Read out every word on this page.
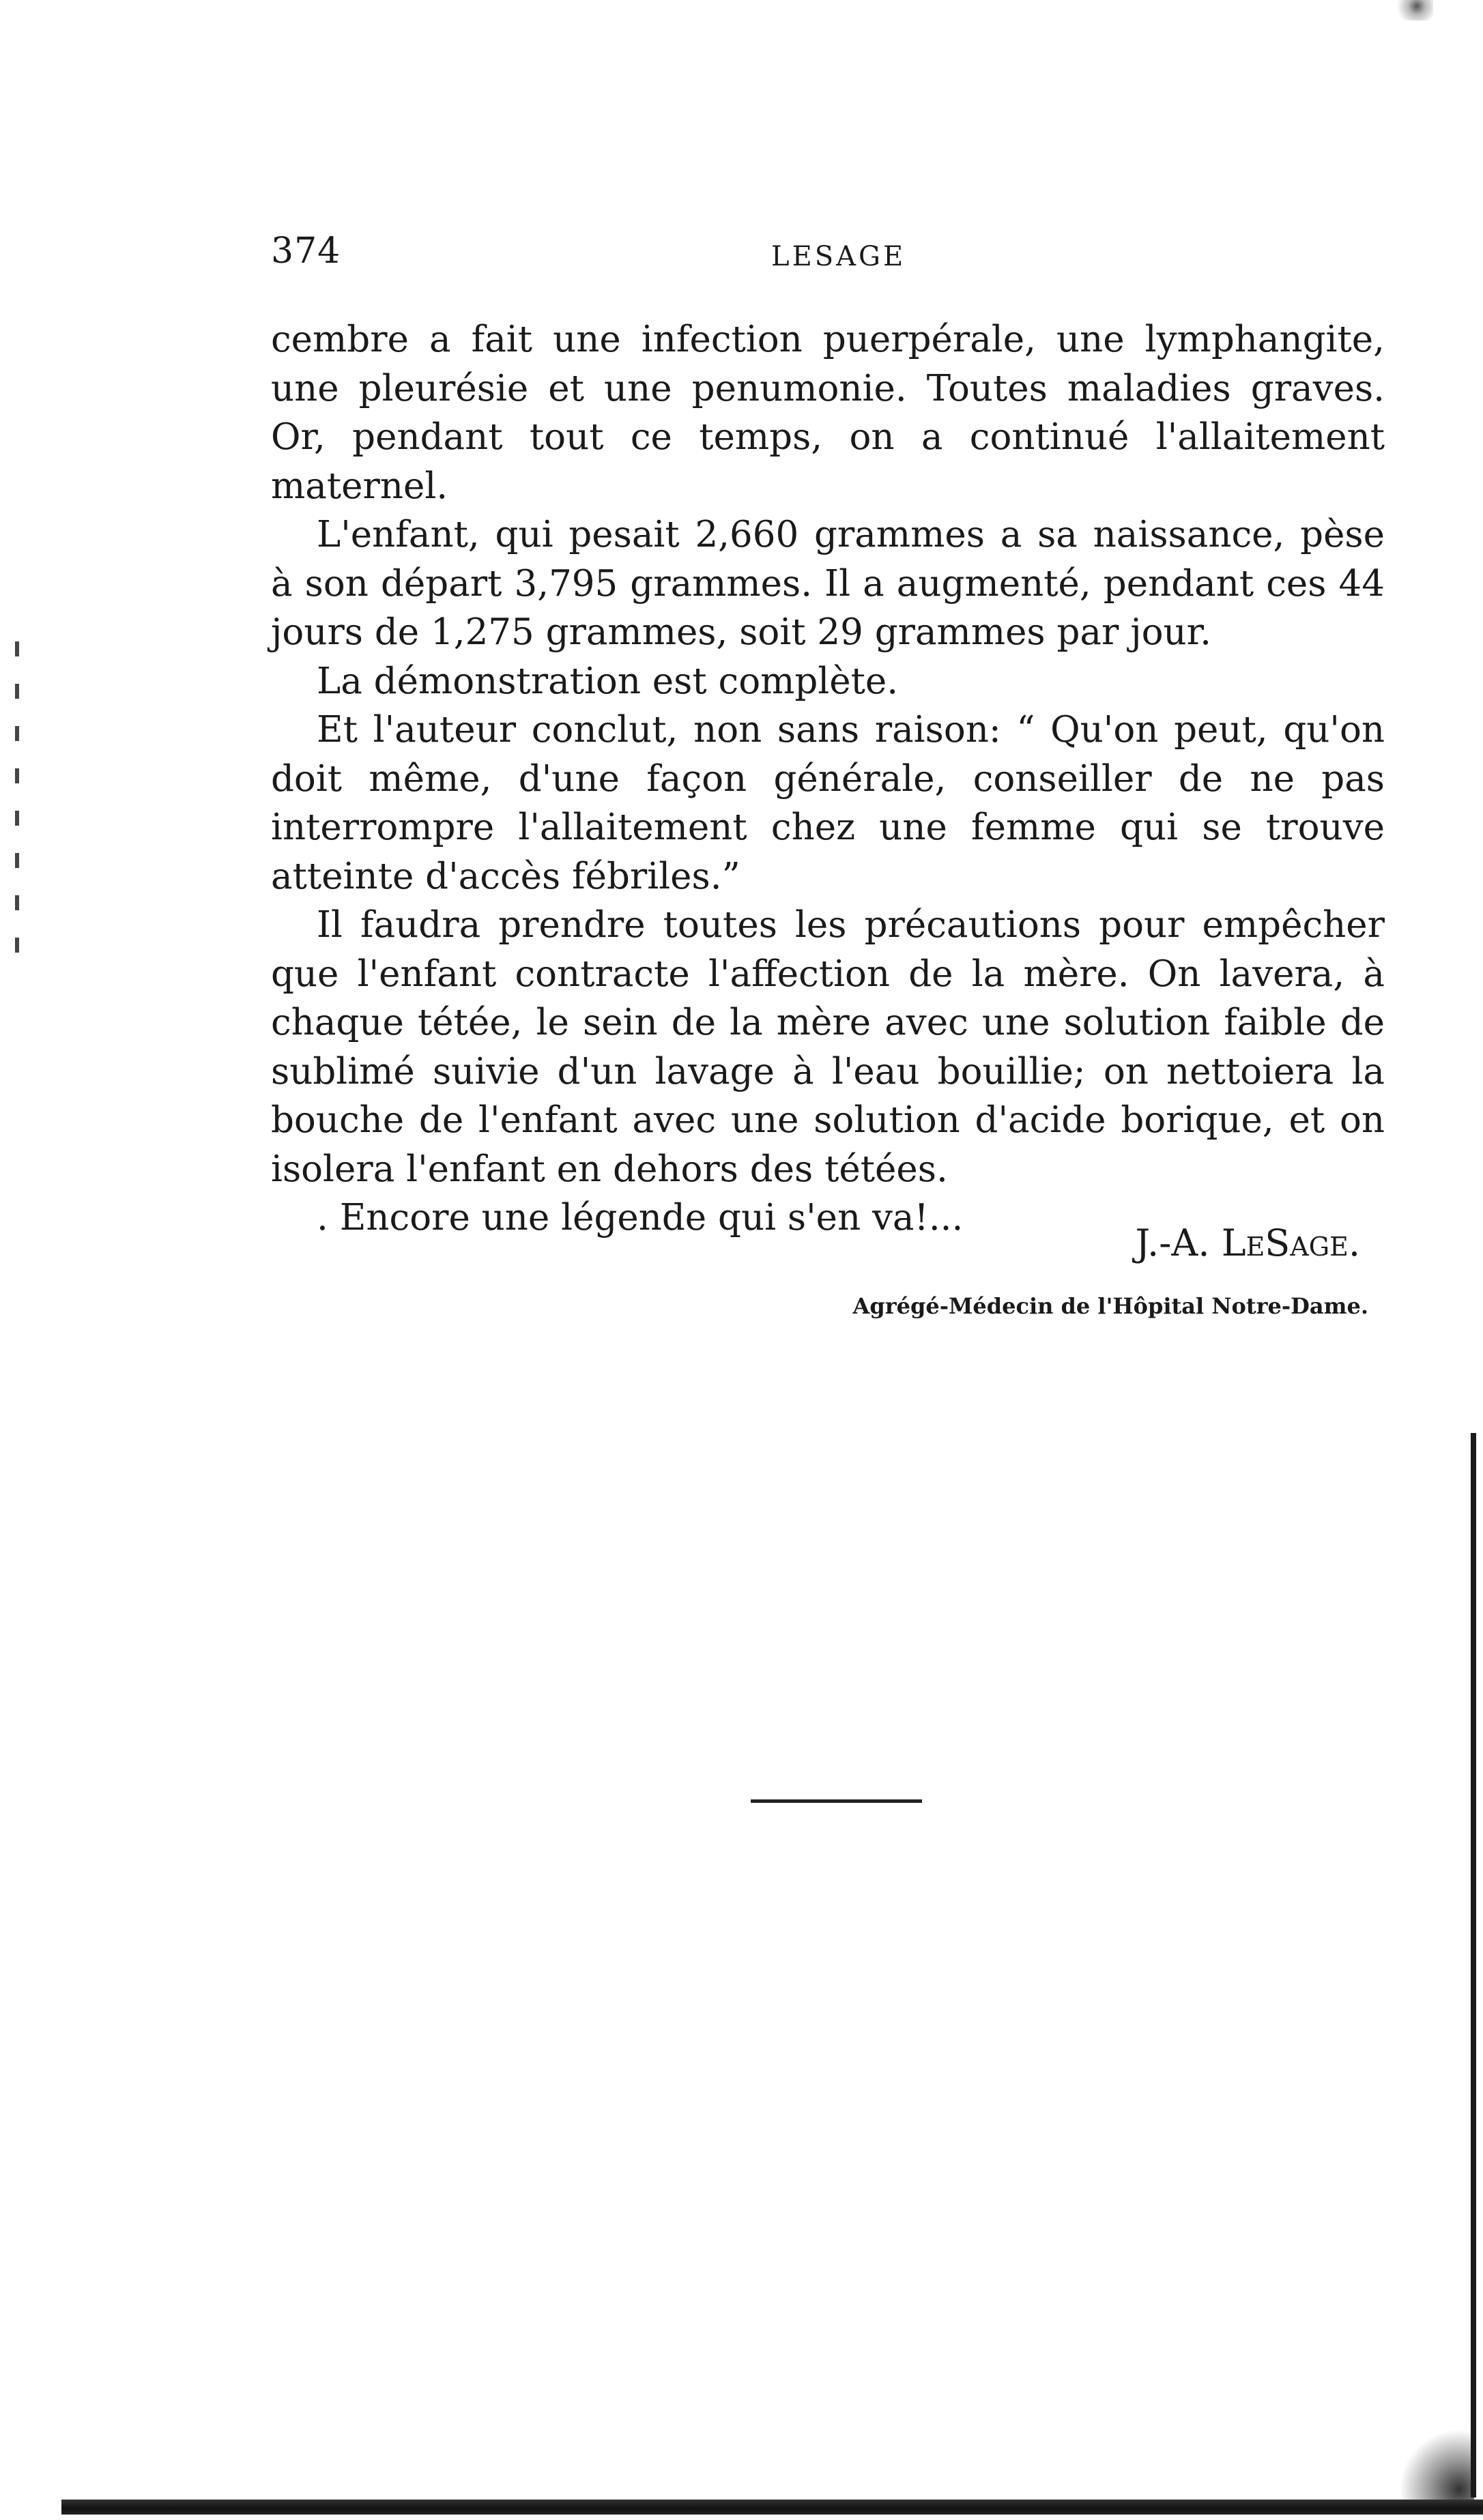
374	LESAGE

cembre a fait une infection puerpérale, une lymphangite, une pleurésie et une penumonie. Toutes maladies graves. Or, pendant tout ce temps, on a continué l'allaitement maternel.

L'enfant, qui pesait 2,660 grammes a sa naissance, pèse à son départ 3,795 grammes. Il a augmenté, pendant ces 44 jours de 1,275 grammes, soit 29 grammes par jour.

La démonstration est complète.

Et l'auteur conclut, non sans raison: “ Qu'on peut, qu'on doit même, d'une façon générale, conseiller de ne pas interrompre l'allaitement chez une femme qui se trouve atteinte d'accès fébriles.”

Il faudra prendre toutes les précautions pour empêcher que l'enfant contracte l'affection de la mère. On lavera, à chaque tétée, le sein de la mère avec une solution faible de sublimé suivie d'un lavage à l'eau bouillie; on nettoiera la bouche de l'enfant avec une solution d'acide borique, et on isolera l'enfant en dehors des tétées.

. Encore une légende qui s'en va!...

J.-A. LeSage.
Agrégé-Médecin de l'Hôpital Notre-Dame.
